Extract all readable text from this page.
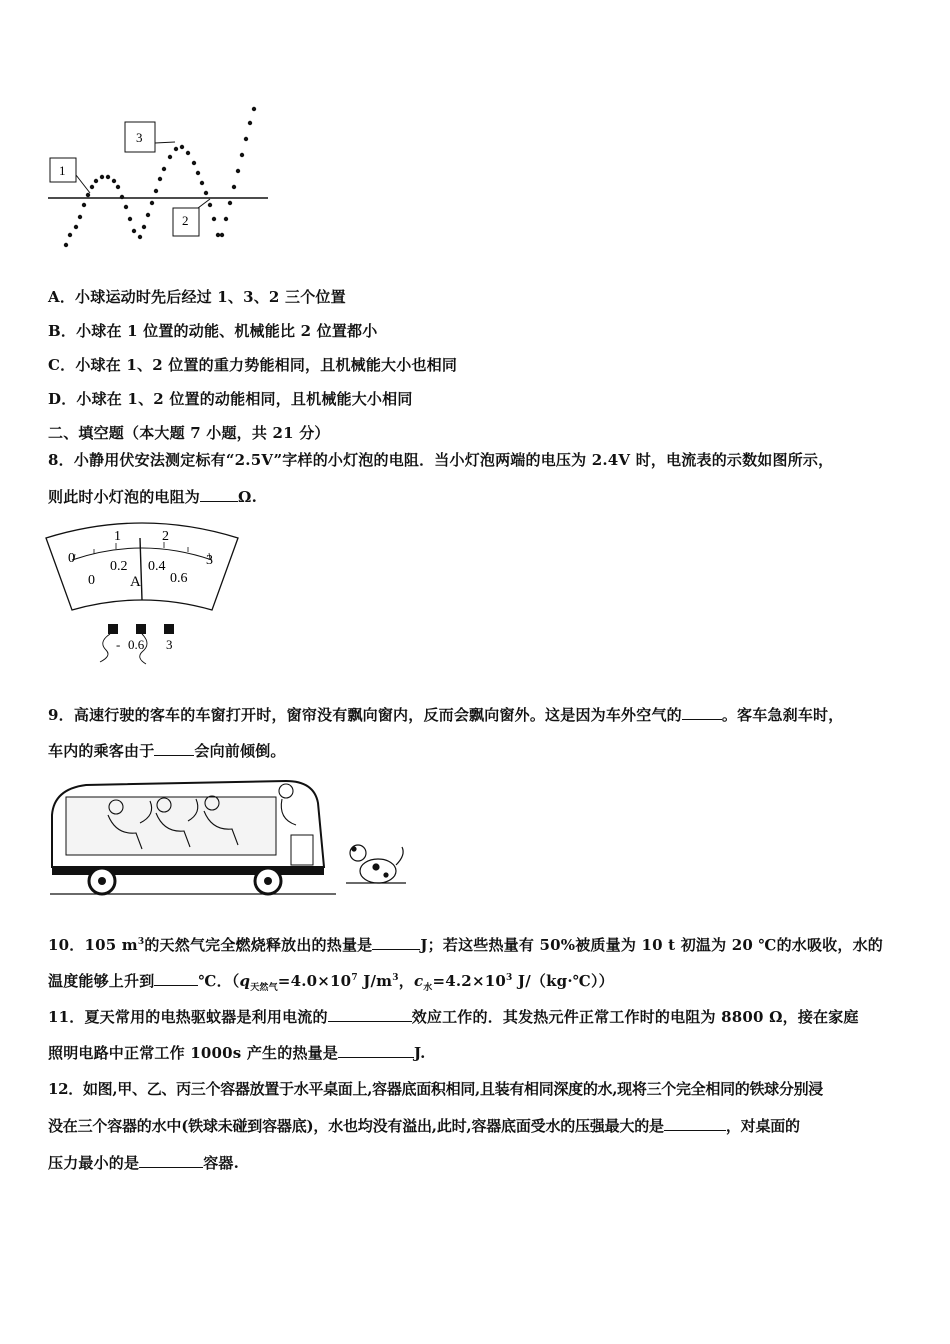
1
3
2
A．小球运动时先后经过 1、3、2 三个位置
B．小球在 1 位置的动能、机械能比 2 位置都小
C．小球在 1、2 位置的重力势能相同，且机械能大小也相同
D．小球在 1、2 位置的动能相同，且机械能大小相同
二、填空题（本大题 7 小题，共 21 分）
8．小静用伏安法测定标有“2.5V”字样的小灯泡的电阻．当小灯泡两端的电压为 2.4V 时，电流表的示数如图所示，
则此时小灯泡的电阻为	Ω.
0
1	2
3
0
0.2 0.4
0.6
A
- 0.6 3
9．高速行驶的客车的车窗打开时，窗帘没有飘向窗内，反而会飘向窗外。这是因为车外空气的	。客车急刹车时，
车内的乘客由于	会向前倾倒。
10．105 $m^3$的天然气完全燃烧释放出的热量是	J；若这些热量有 50%被质量为 10 t 初温为 20 ℃的水吸收，水的
温度能够上升到	℃．（$q_{天然气}=4.0\times 10^7$ $J/m^3$，$c_水=4.2\times 10^3$ J/（kg·℃））
11．夏天常用的电热驱蚊器是利用电流的	效应工作的．其发热元件正常工作时的电阻为 8800 Ω，接在家庭
照明电路中正常工作 1000s 产生的热量是	J.
12．如图,甲、乙、丙三个容器放置于水平桌面上,容器底面积相同,且装有相同深度的水,现将三个完全相同的铁球分别浸
没在三个容器的水中(铁球未碰到容器底)，水也均没有溢出,此时,容器底面受水的压强最大的是	，对桌面的
压力最小的是	容器.
